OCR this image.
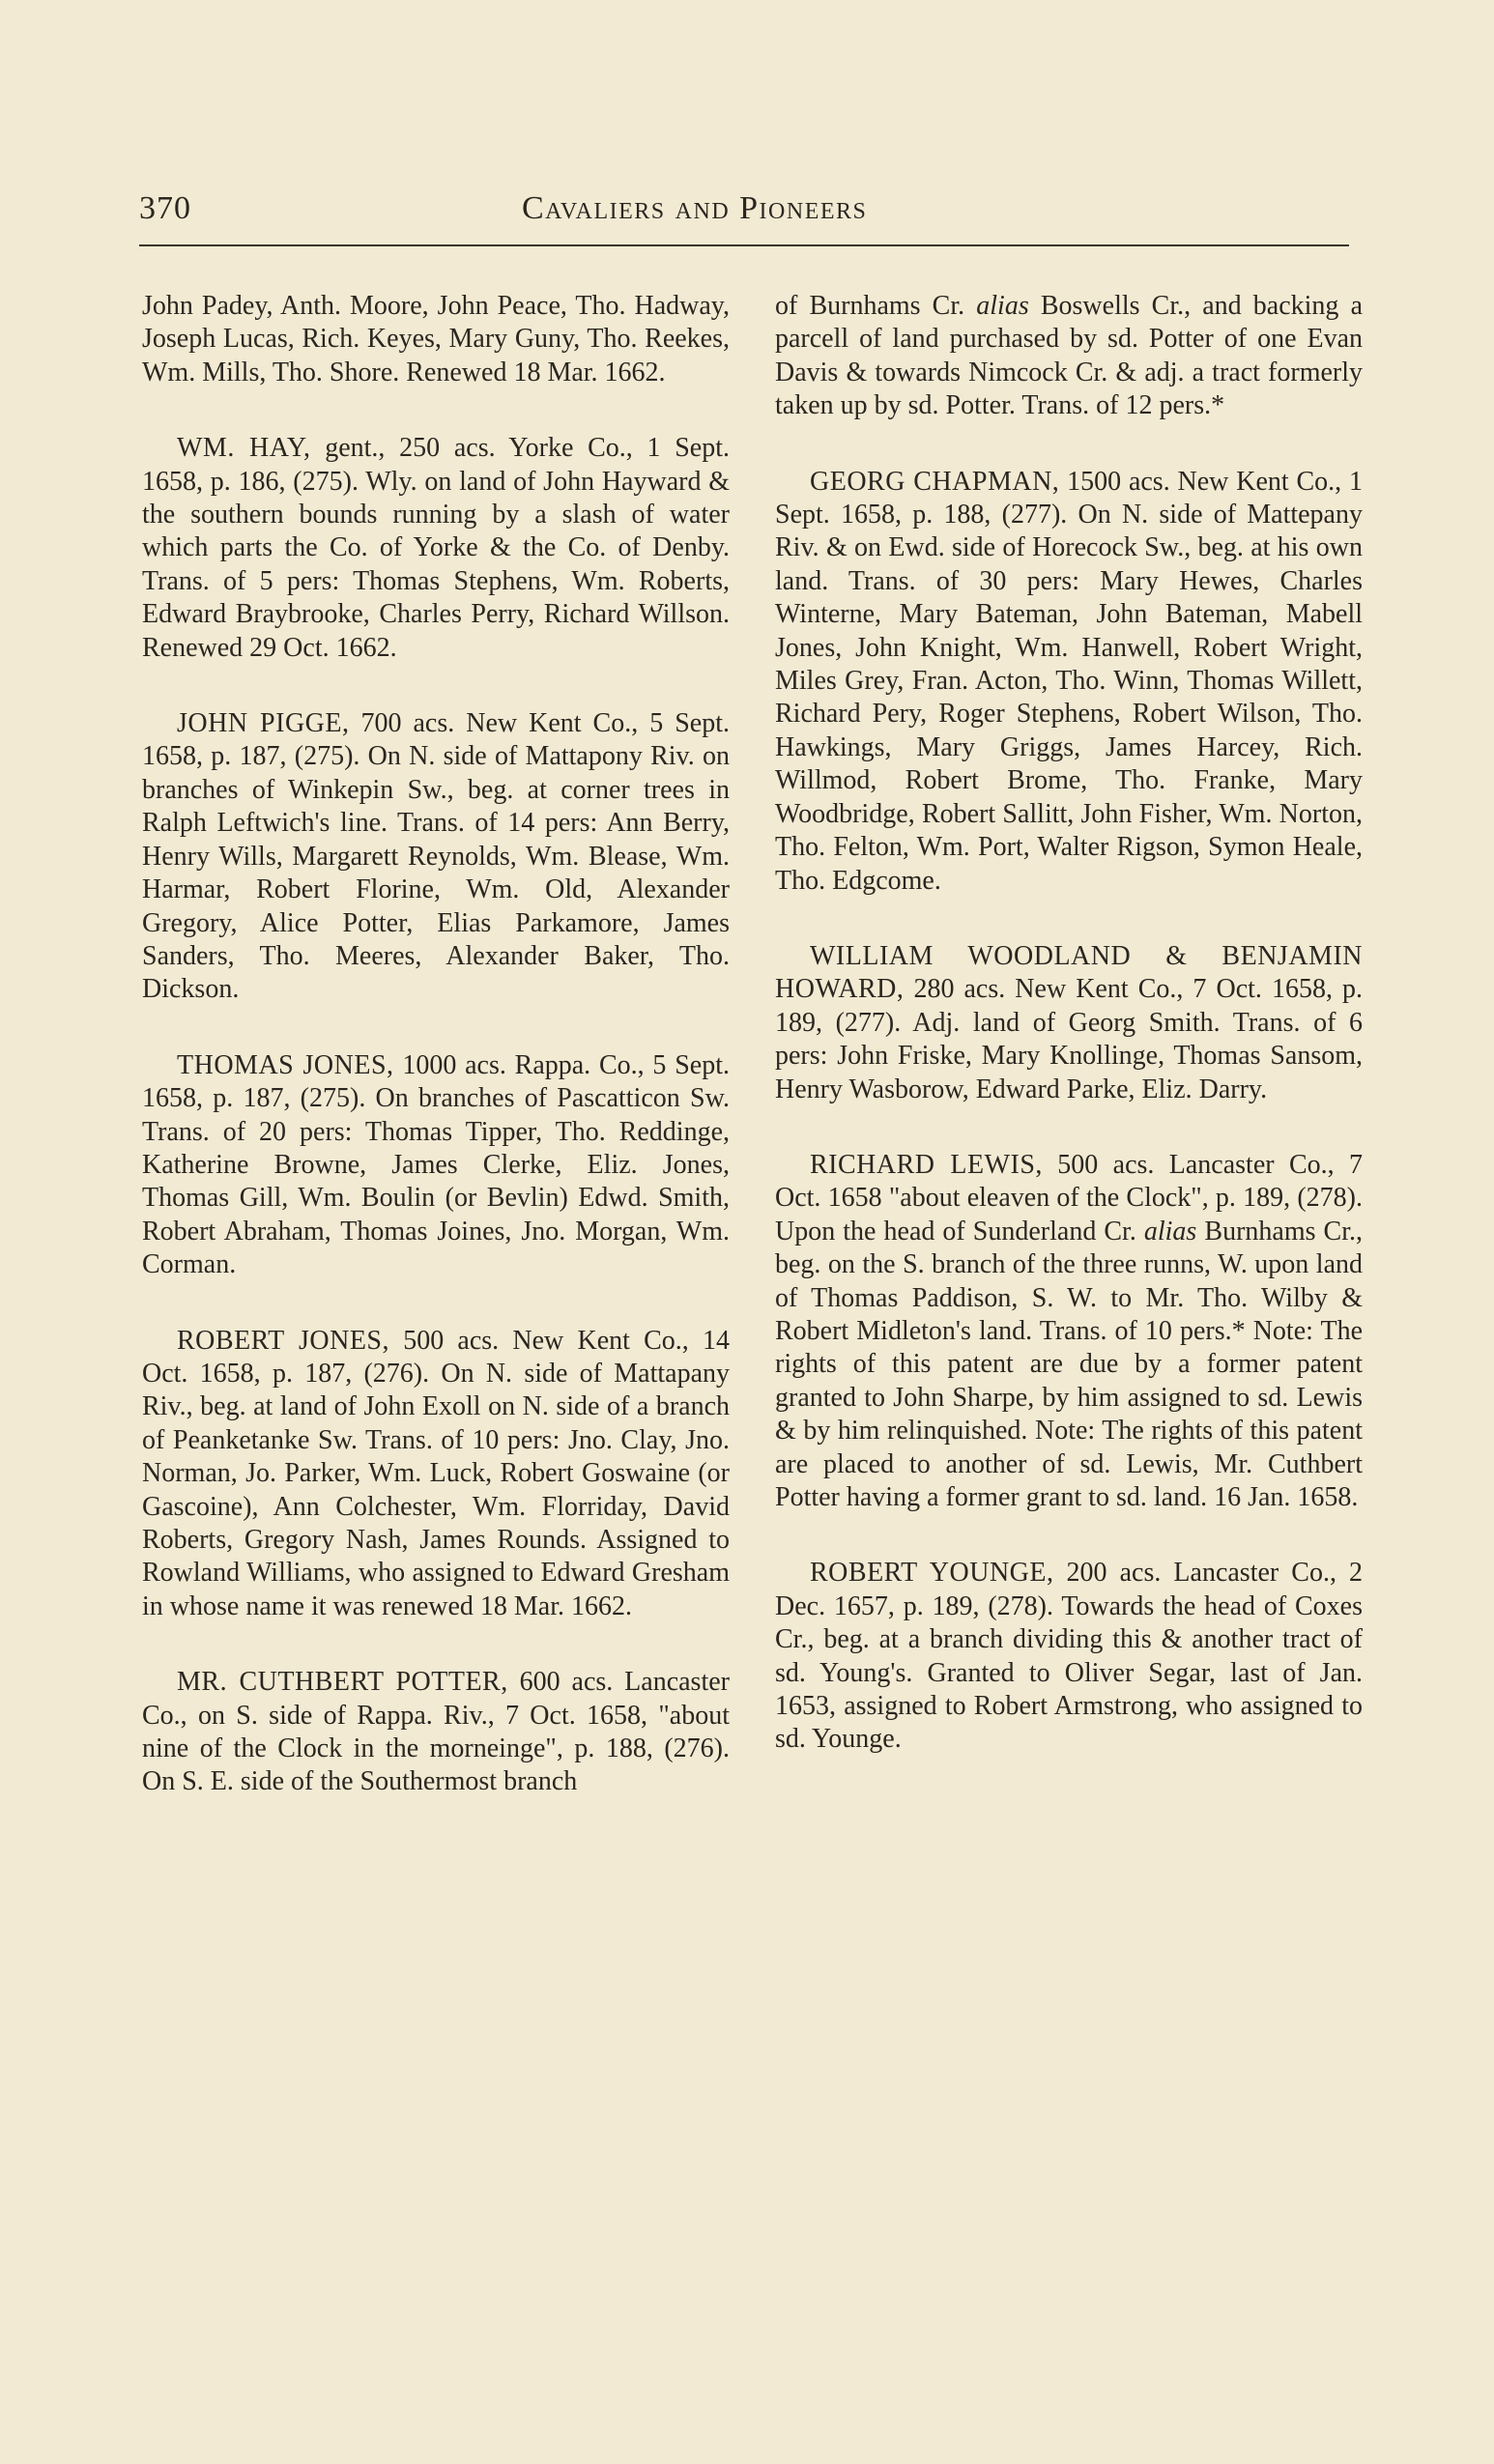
370	Cavaliers and Pioneers

John Padey, Anth. Moore, John Peace, Tho. Hadway, Joseph Lucas, Rich. Keyes, Mary Guny, Tho. Reekes, Wm. Mills, Tho. Shore. Renewed 18 Mar. 1662.

WM. HAY, gent., 250 acs. Yorke Co., 1 Sept. 1658, p. 186, (275). Wly. on land of John Hayward & the southern bounds running by a slash of water which parts the Co. of Yorke & the Co. of Denby. Trans. of 5 pers: Thomas Stephens, Wm. Roberts, Edward Braybrooke, Charles Perry, Richard Willson. Renewed 29 Oct. 1662.

JOHN PIGGE, 700 acs. New Kent Co., 5 Sept. 1658, p. 187, (275). On N. side of Mattapony Riv. on branches of Winkepin Sw., beg. at corner trees in Ralph Leftwich's line. Trans. of 14 pers: Ann Berry, Henry Wills, Margarett Reynolds, Wm. Blease, Wm. Harmar, Robert Florine, Wm. Old, Alexander Gregory, Alice Potter, Elias Parkamore, James Sanders, Tho. Meeres, Alexander Baker, Tho. Dickson.

THOMAS JONES, 1000 acs. Rappa. Co., 5 Sept. 1658, p. 187, (275). On branches of Pascatticon Sw. Trans. of 20 pers: Thomas Tipper, Tho. Reddinge, Katherine Browne, James Clerke, Eliz. Jones, Thomas Gill, Wm. Boulin (or Bevlin) Edwd. Smith, Robert Abraham, Thomas Joines, Jno. Morgan, Wm. Corman.

ROBERT JONES, 500 acs. New Kent Co., 14 Oct. 1658, p. 187, (276). On N. side of Mattapany Riv., beg. at land of John Exoll on N. side of a branch of Peanketanke Sw. Trans. of 10 pers: Jno. Clay, Jno. Norman, Jo. Parker, Wm. Luck, Robert Goswaine (or Gascoine), Ann Colchester, Wm. Florriday, David Roberts, Gregory Nash, James Rounds. Assigned to Rowland Williams, who assigned to Edward Gresham in whose name it was renewed 18 Mar. 1662.

MR. CUTHBERT POTTER, 600 acs. Lancaster Co., on S. side of Rappa. Riv., 7 Oct. 1658, "about nine of the Clock in the morneinge", p. 188, (276). On S. E. side of the Southermost branch

of Burnhams Cr. alias Boswells Cr., and backing a parcell of land purchased by sd. Potter of one Evan Davis & towards Nimcock Cr. & adj. a tract formerly taken up by sd. Potter. Trans. of 12 pers.*

GEORG CHAPMAN, 1500 acs. New Kent Co., 1 Sept. 1658, p. 188, (277). On N. side of Mattepany Riv. & on Ewd. side of Horecock Sw., beg. at his own land. Trans. of 30 pers: Mary Hewes, Charles Winterne, Mary Bateman, John Bateman, Mabell Jones, John Knight, Wm. Hanwell, Robert Wright, Miles Grey, Fran. Acton, Tho. Winn, Thomas Willett, Richard Pery, Roger Stephens, Robert Wilson, Tho. Hawkings, Mary Griggs, James Harcey, Rich. Willmod, Robert Brome, Tho. Franke, Mary Woodbridge, Robert Sallitt, John Fisher, Wm. Norton, Tho. Felton, Wm. Port, Walter Rigson, Symon Heale, Tho. Edgcome.

WILLIAM WOODLAND & BENJAMIN HOWARD, 280 acs. New Kent Co., 7 Oct. 1658, p. 189, (277). Adj. land of Georg Smith. Trans. of 6 pers: John Friske, Mary Knollinge, Thomas Sansom, Henry Wasborow, Edward Parke, Eliz. Darry.

RICHARD LEWIS, 500 acs. Lancaster Co., 7 Oct. 1658 "about eleaven of the Clock", p. 189, (278). Upon the head of Sunderland Cr. alias Burnhams Cr., beg. on the S. branch of the three runns, W. upon land of Thomas Paddison, S. W. to Mr. Tho. Wilby & Robert Midleton's land. Trans. of 10 pers.* Note: The rights of this patent are due by a former patent granted to John Sharpe, by him assigned to sd. Lewis & by him relinquished. Note: The rights of this patent are placed to another of sd. Lewis, Mr. Cuthbert Potter having a former grant to sd. land. 16 Jan. 1658.

ROBERT YOUNGE, 200 acs. Lancaster Co., 2 Dec. 1657, p. 189, (278). Towards the head of Coxes Cr., beg. at a branch dividing this & another tract of sd. Young's. Granted to Oliver Segar, last of Jan. 1653, assigned to Robert Armstrong, who assigned to sd. Younge.
